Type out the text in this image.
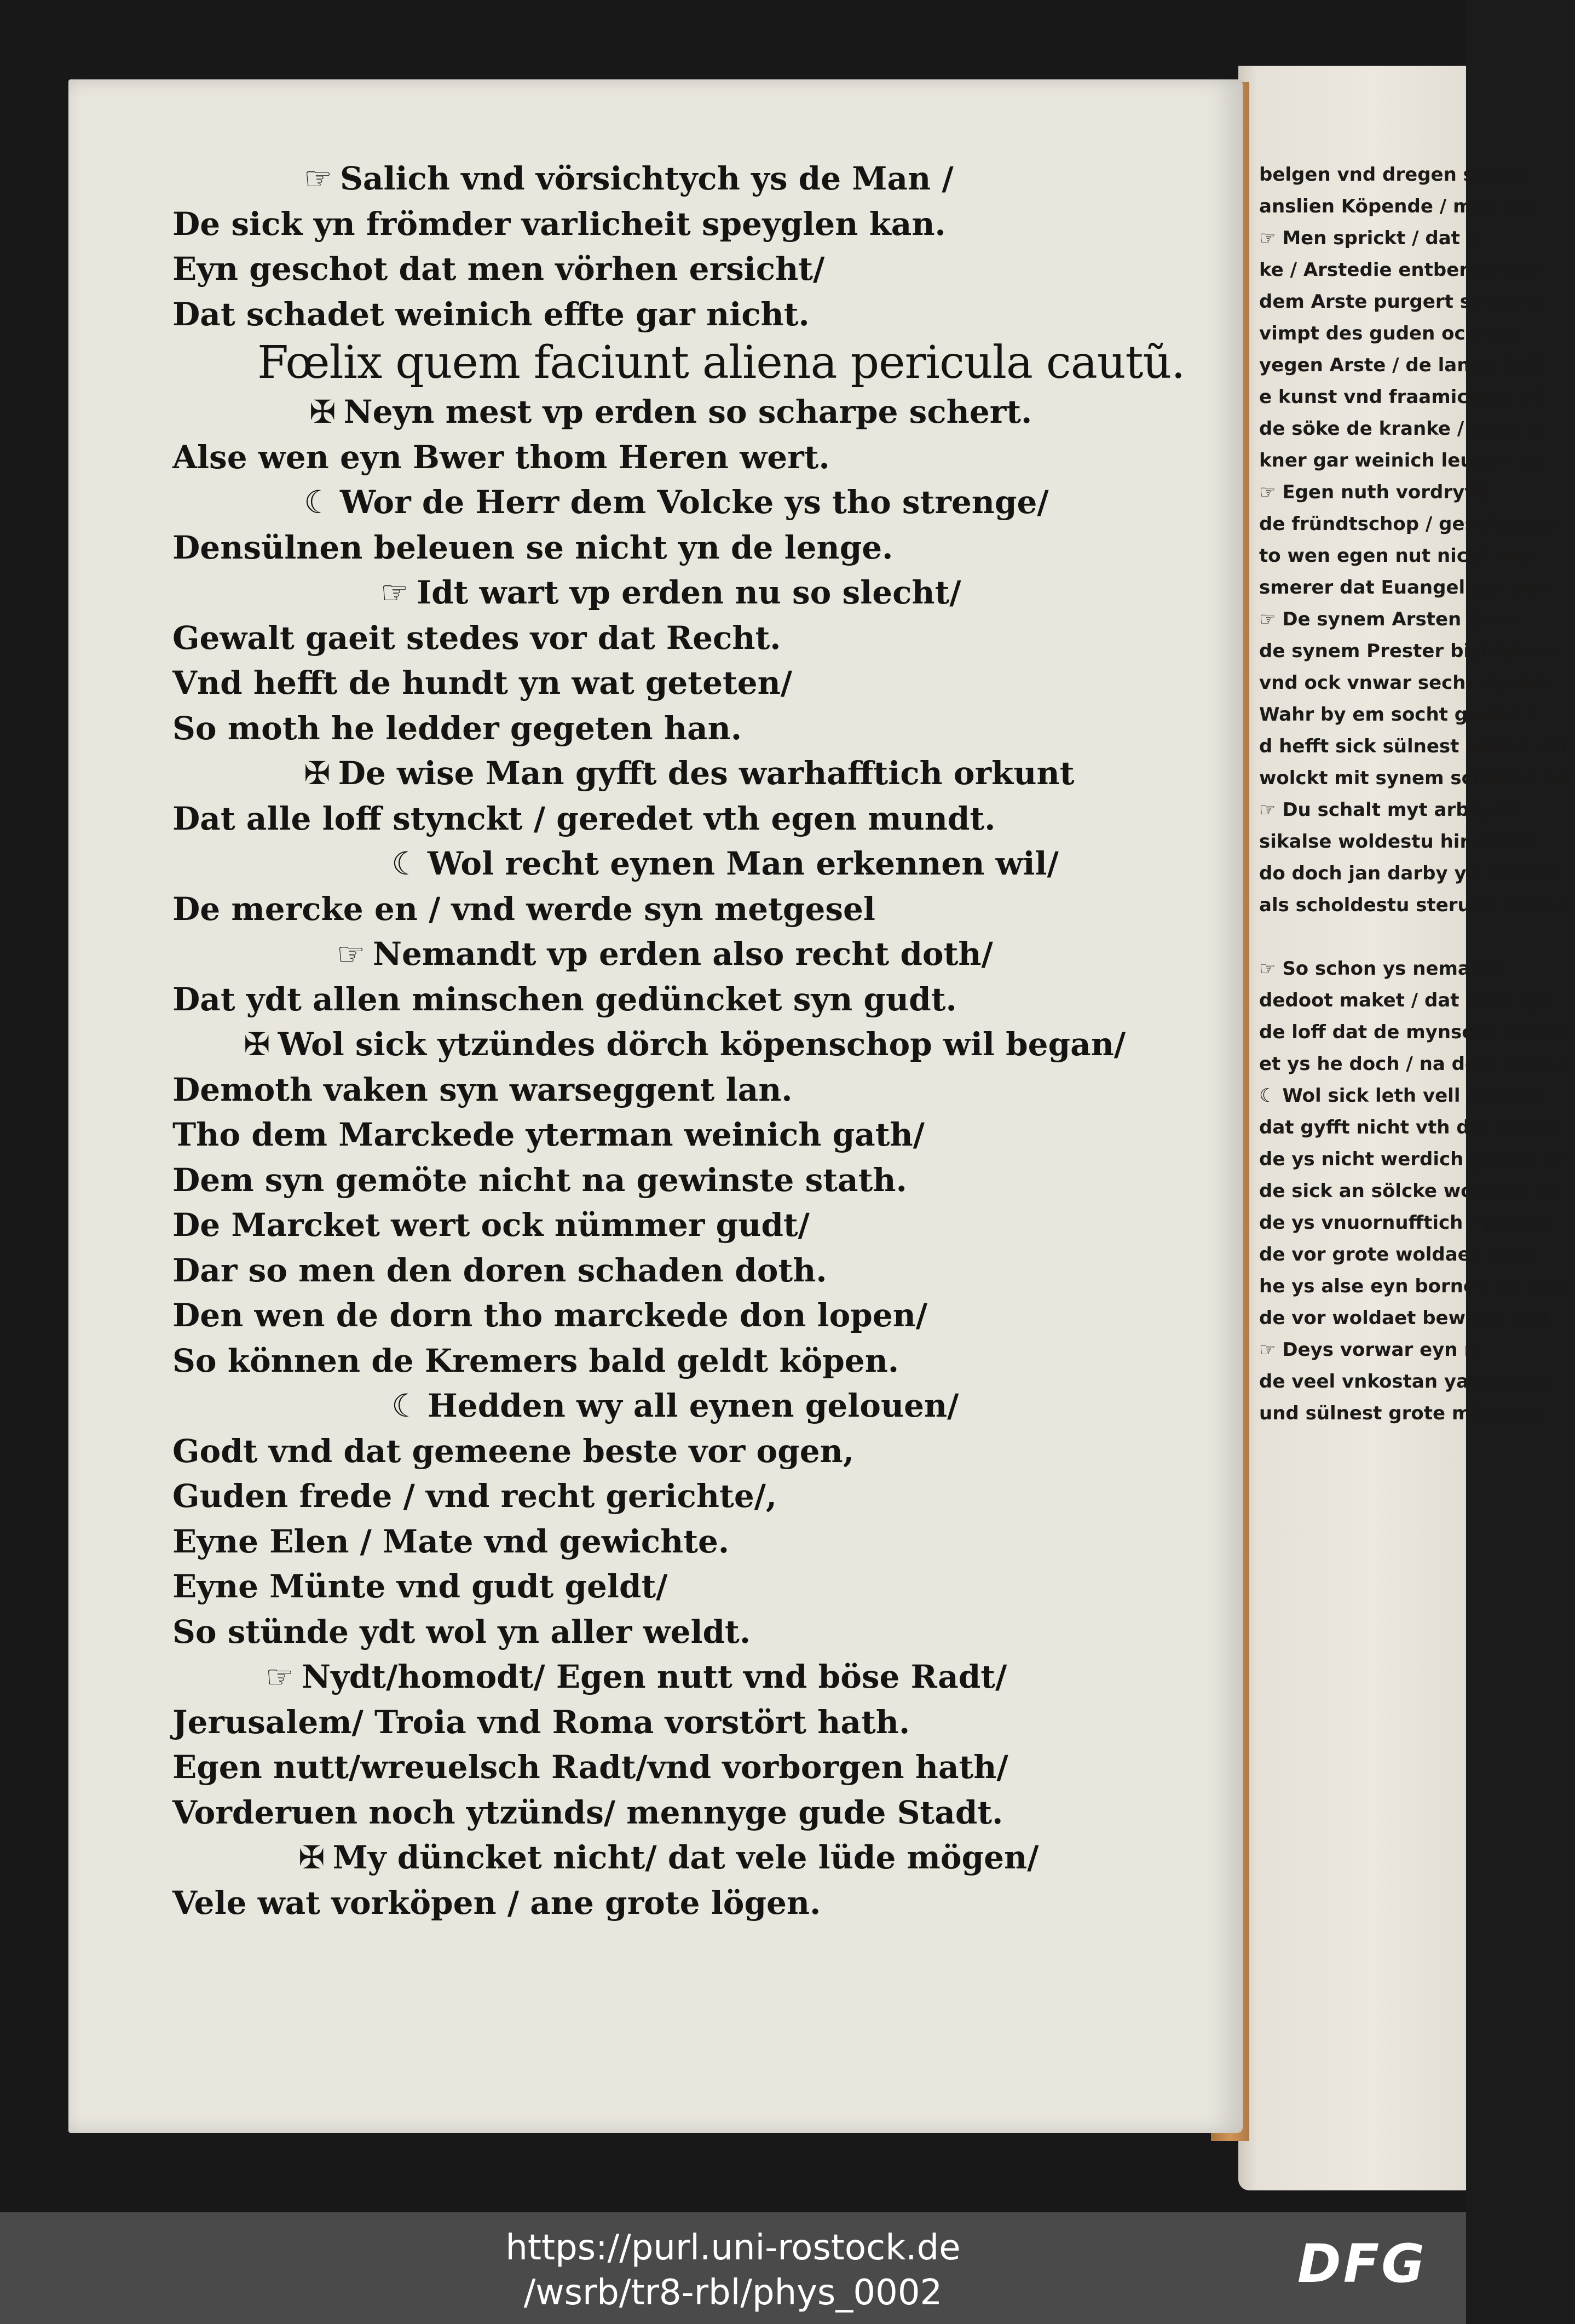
☞ Salich vnd vörsichtych ys de Man /
De sick yn frömder varlicheit speyglen kan.
Eyn geschot dat men vörhen ersicht/
Dat schadet weinich effte gar nicht.
Fœlix quem faciunt aliena pericula cautũ.
✠ Neyn mest vp erden so scharpe schert.
Alse wen eyn Bwer thom Heren wert.
☾ Wor de Herr dem Volcke ys tho strenge/
Densülnen beleuen se nicht yn de lenge.
☞ Idt wart vp erden nu so slecht/
Gewalt gaeit stedes vor dat Recht.
Vnd hefft de hundt yn wat geteten/
So moth he ledder gegeten han.
✠ De wise Man gyfft des warhafftich orkunt
Dat alle loff stynckt / geredet vth egen mundt.
☾ Wol recht eynen Man erkennen wil/
De mercke en / vnd werde syn metgesel
☞ Nemandt vp erden also recht doth/
Dat ydt allen minschen gedüncket syn gudt.
✠ Wol sick ytzündes dörch köpenschop wil began/
Demoth vaken syn warseggent lan.
Tho dem Marckede yterman weinich gath/
Dem syn gemöte nicht na gewinste stath.
De Marcket wert ock nümmer gudt/
Dar so men den doren schaden doth.
Den wen de dorn tho marckede don lopen/
So können de Kremers bald geldt köpen.
☾ Hedden wy all eynen gelouen/
Godt vnd dat gemeene beste vor ogen,
Guden frede / vnd recht gerichte/,
Eyne Elen / Mate vnd gewichte.
Eyne Münte vnd gudt geldt/
So stünde ydt wol yn aller weldt.
☞ Nydt/homodt/ Egen nutt vnd böse Radt/
Jerusalem/ Troia vnd Roma vorstört hath.
Egen nutt/wreuelsch Radt/vnd vorborgen hath/
Vorderuen noch ytzünds/ mennyge gude Stadt.
✠ My düncket nicht/ dat vele lüde mögen/
Vele wat vorköpen / ane grote lögen.
belgen vnd dregen synt s
anslien Köpende / men ere
☞ Men sprickt / dat s
ke / Arstedie entberen kan
dem Arste purgert so gar n
vimpt des guden ock eyn
yegen Arste / de lange heff
e kunst vnd fraamicheyt ni
de söke de kranke / nicht a
kner gar weinich leuen / ys
☞ Egen nuth vordryfft
de fründtschop / geselschop
to wen egen nut nicht wer
smerer dat Euangelium nen
☞ De synem Arsten de w
de synem Prester bichtet vn
vnd ock vnwar secht synem
Wahr by em socht guden r
d hefft sick sülnest allene vör
wolckt mit synem schaden be
☞ Du schalt myt arbeyde
sikalse woldestu hir ewich
do doch jan darby yn steden
als scholdestu steruen hüde e
☞ So schon ys nemandt
dedoot maket / dat men syn
de loff dat de mynsche ock le
et ys he doch / na dem dode /
☾ Wol sick leth vell arbeyd
dat gyfft nicht vth dat vörde
de ys nicht werdich groter er
de sick an sölcke woldaet nil
de ys vnuornufftich / plump
de vor grote woldaet nicht
he ys alse eyn borne / de ane
de vor woldaet bewiset vnd
☞ Deys vorwar eyn n
de veel vnkostan yagent lec
und sülnest grote möye an
https://purl.uni-rostock.de
/wsrb/tr8-rbl/phys_0002	DFG
